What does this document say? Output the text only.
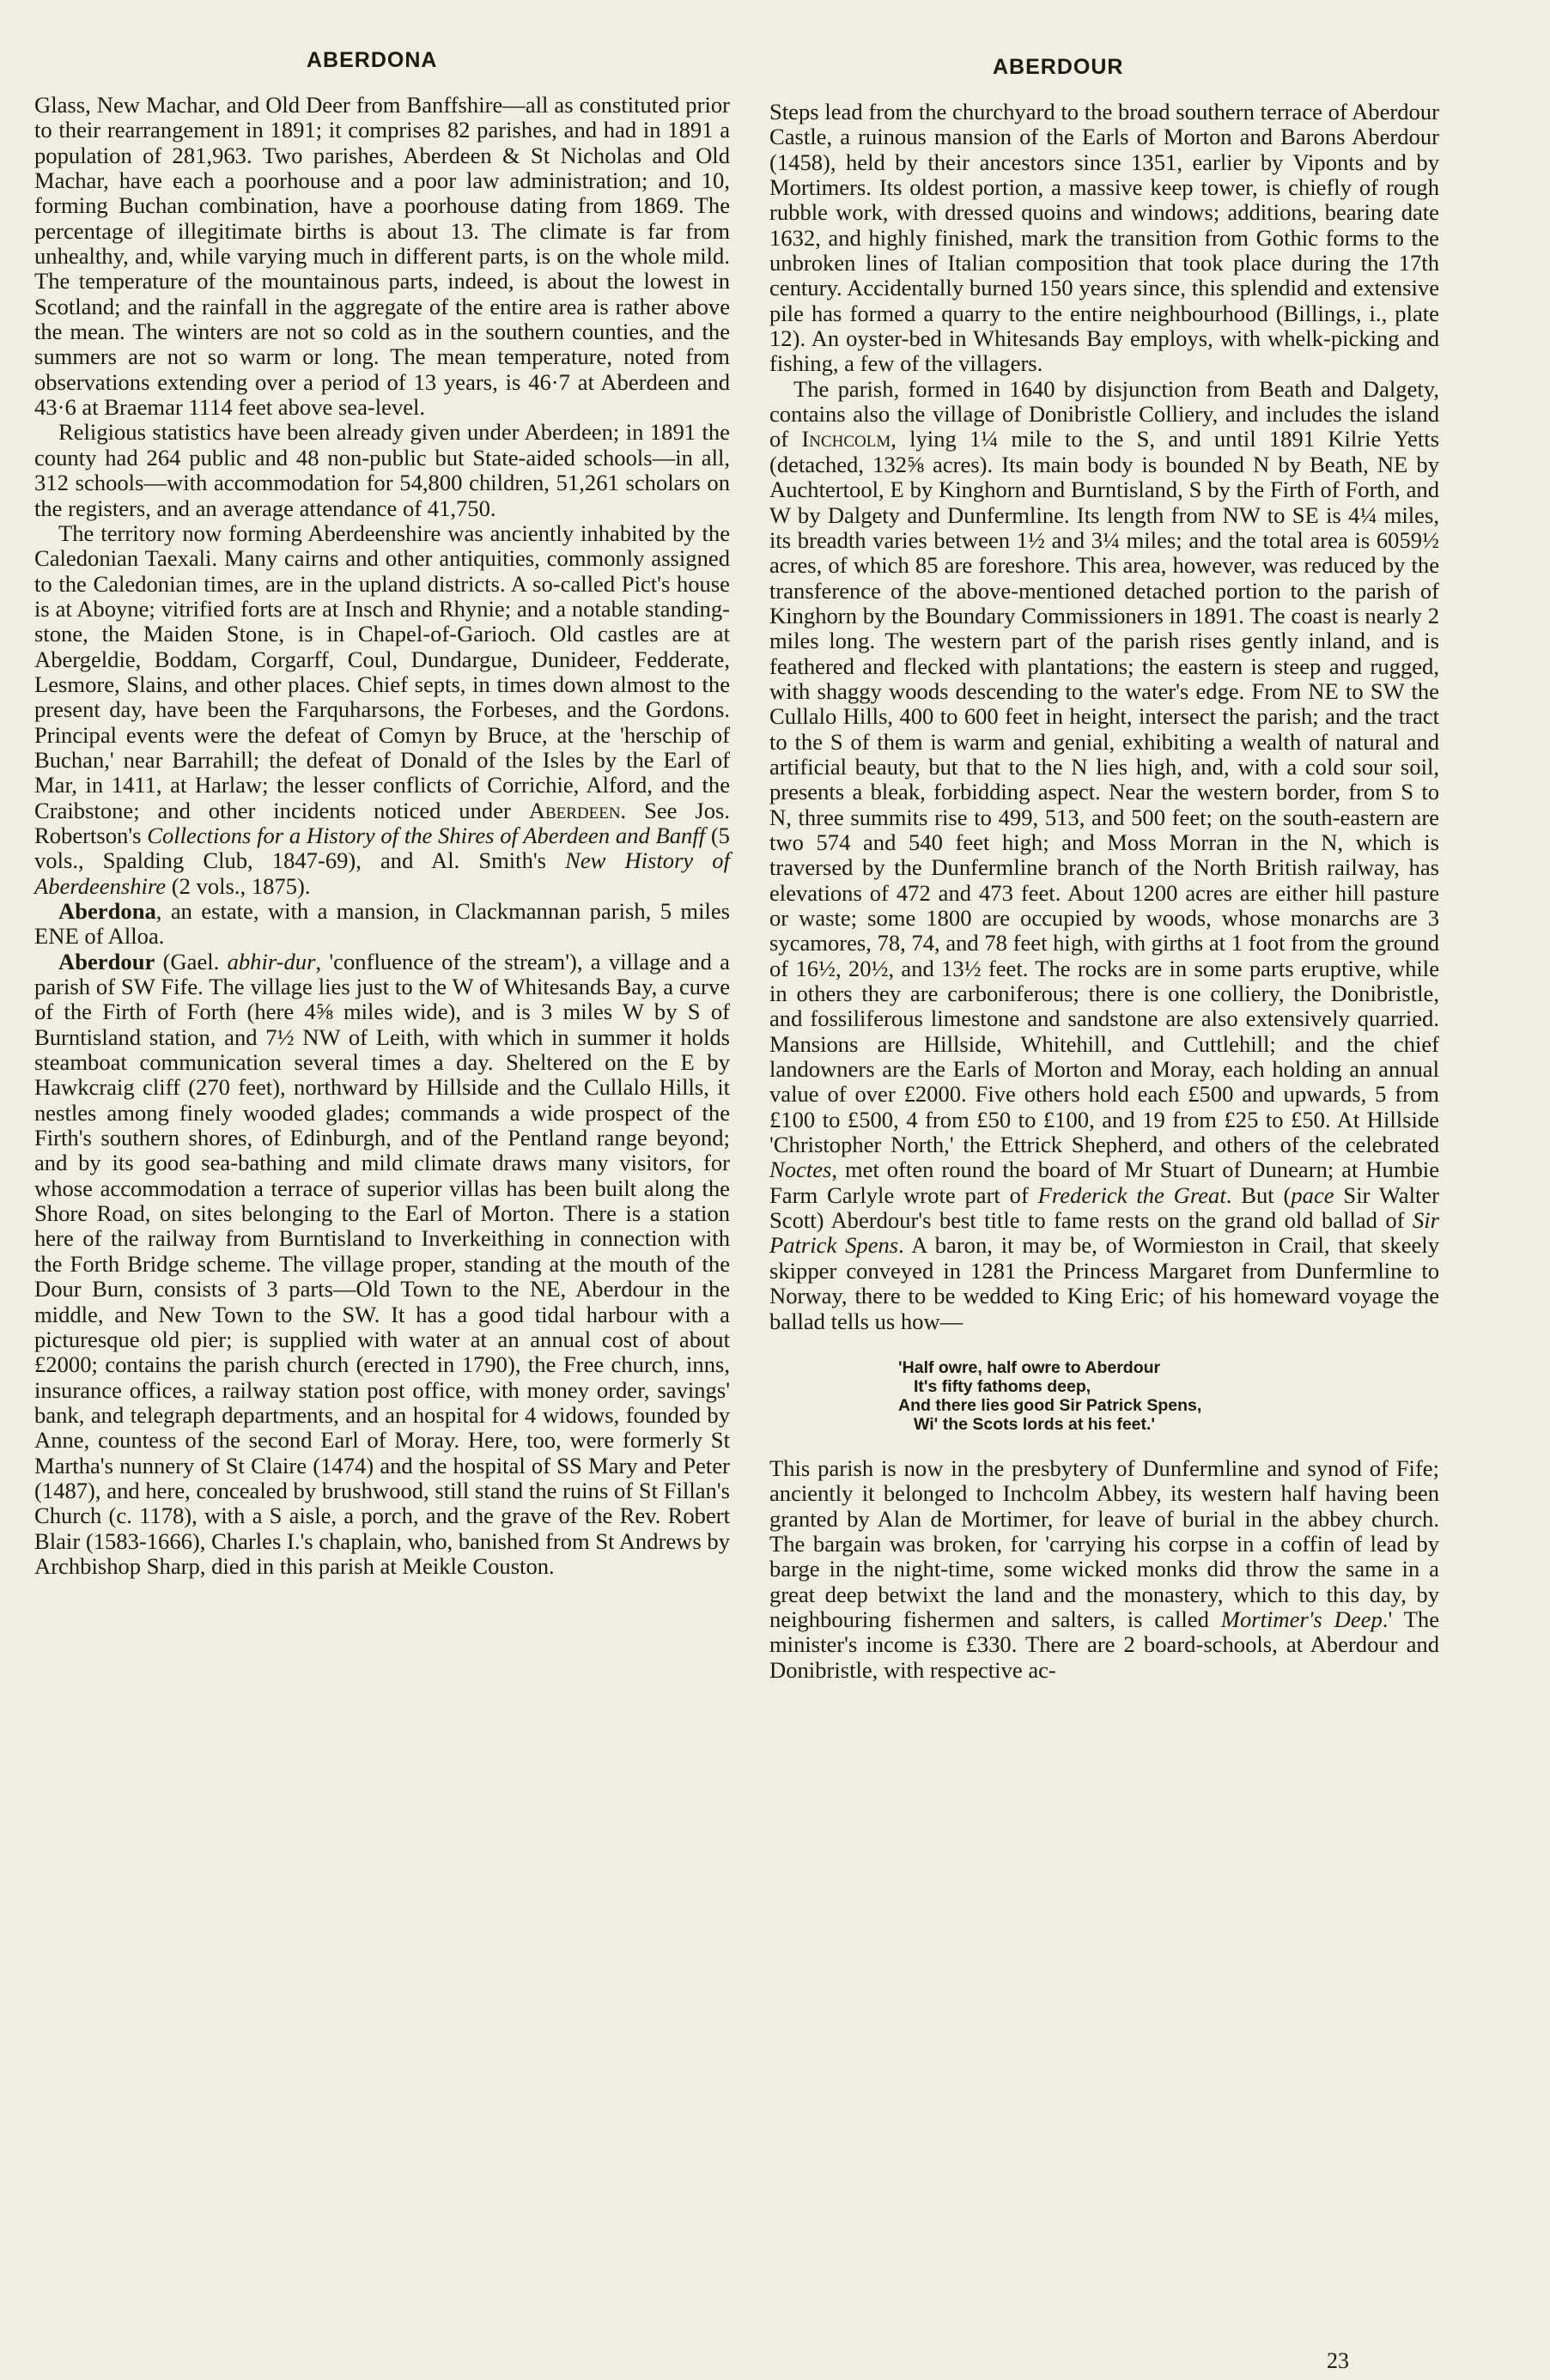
ABERDONA	ABERDOUR

Glass, New Machar, and Old Deer from Banffshire—all as constituted prior to their rearrangement in 1891; it comprises 82 parishes, and had in 1891 a population of 281,963. Two parishes, Aberdeen & St Nicholas and Old Machar, have each a poorhouse and a poor law administration; and 10, forming Buchan combination, have a poorhouse dating from 1869. The percentage of illegitimate births is about 13. The climate is far from unhealthy, and, while varying much in different parts, is on the whole mild. The temperature of the mountainous parts, indeed, is about the lowest in Scotland; and the rainfall in the aggregate of the entire area is rather above the mean. The winters are not so cold as in the southern counties, and the summers are not so warm or long. The mean temperature, noted from observations extending over a period of 13 years, is 46·7 at Aberdeen and 43·6 at Braemar 1114 feet above sea-level.

Religious statistics have been already given under Aberdeen; in 1891 the county had 264 public and 48 non-public but State-aided schools—in all, 312 schools—with accommodation for 54,800 children, 51,261 scholars on the registers, and an average attendance of 41,750.

The territory now forming Aberdeenshire was anciently inhabited by the Caledonian Taexali. Many cairns and other antiquities, commonly assigned to the Caledonian times, are in the upland districts. A so-called Pict's house is at Aboyne; vitrified forts are at Insch and Rhynie; and a notable standing-stone, the Maiden Stone, is in Chapel-of-Garioch. Old castles are at Abergeldie, Boddam, Corgarff, Coul, Dundargue, Dunideer, Fedderate, Lesmore, Slains, and other places. Chief septs, in times down almost to the present day, have been the Farquharsons, the Forbeses, and the Gordons. Principal events were the defeat of Comyn by Bruce, at the 'herschip of Buchan,' near Barrahill; the defeat of Donald of the Isles by the Earl of Mar, in 1411, at Harlaw; the lesser conflicts of Corrichie, Alford, and the Craibstone; and other incidents noticed under Aberdeen. See Jos. Robertson's Collections for a History of the Shires of Aberdeen and Banff (5 vols., Spalding Club, 1847-69), and Al. Smith's New History of Aberdeenshire (2 vols., 1875).

Aberdona, an estate, with a mansion, in Clackmannan parish, 5 miles ENE of Alloa.

Aberdour (Gael. abhir-dur, 'confluence of the stream'), a village and a parish of SW Fife. The village lies just to the W of Whitesands Bay, a curve of the Firth of Forth (here 4⅝ miles wide), and is 3 miles W by S of Burntisland station, and 7½ NW of Leith, with which in summer it holds steamboat communication several times a day. Sheltered on the E by Hawkcraig cliff (270 feet), northward by Hillside and the Cullalo Hills, it nestles among finely wooded glades; commands a wide prospect of the Firth's southern shores, of Edinburgh, and of the Pentland range beyond; and by its good sea-bathing and mild climate draws many visitors, for whose accommodation a terrace of superior villas has been built along the Shore Road, on sites belonging to the Earl of Morton. There is a station here of the railway from Burntisland to Inverkeithing in connection with the Forth Bridge scheme. The village proper, standing at the mouth of the Dour Burn, consists of 3 parts—Old Town to the NE, Aberdour in the middle, and New Town to the SW. It has a good tidal harbour with a picturesque old pier; is supplied with water at an annual cost of about £2000; contains the parish church (erected in 1790), the Free church, inns, insurance offices, a railway station post office, with money order, savings' bank, and telegraph departments, and an hospital for 4 widows, founded by Anne, countess of the second Earl of Moray. Here, too, were formerly St Martha's nunnery of St Claire (1474) and the hospital of SS Mary and Peter (1487), and here, concealed by brushwood, still stand the ruins of St Fillan's Church (c. 1178), with a S aisle, a porch, and the grave of the Rev. Robert Blair (1583-1666), Charles I.'s chaplain, who, banished from St Andrews by Archbishop Sharp, died in this parish at Meikle Couston.

Steps lead from the churchyard to the broad southern terrace of Aberdour Castle, a ruinous mansion of the Earls of Morton and Barons Aberdour (1458), held by their ancestors since 1351, earlier by Viponts and by Mortimers. Its oldest portion, a massive keep tower, is chiefly of rough rubble work, with dressed quoins and windows; additions, bearing date 1632, and highly finished, mark the transition from Gothic forms to the unbroken lines of Italian composition that took place during the 17th century. Accidentally burned 150 years since, this splendid and extensive pile has formed a quarry to the entire neighbourhood (Billings, i., plate 12). An oyster-bed in Whitesands Bay employs, with whelk-picking and fishing, a few of the villagers.

The parish, formed in 1640 by disjunction from Beath and Dalgety, contains also the village of Donibristle Colliery, and includes the island of Inchcolm, lying 1¼ mile to the S, and until 1891 Kilrie Yetts (detached, 132⅝ acres). Its main body is bounded N by Beath, NE by Auchtertool, E by Kinghorn and Burntisland, S by the Firth of Forth, and W by Dalgety and Dunfermline. Its length from NW to SE is 4¼ miles, its breadth varies between 1½ and 3¼ miles; and the total area is 6059½ acres, of which 85 are foreshore. This area, however, was reduced by the transference of the above-mentioned detached portion to the parish of Kinghorn by the Boundary Commissioners in 1891. The coast is nearly 2 miles long. The western part of the parish rises gently inland, and is feathered and flecked with plantations; the eastern is steep and rugged, with shaggy woods descending to the water's edge. From NE to SW the Cullalo Hills, 400 to 600 feet in height, intersect the parish; and the tract to the S of them is warm and genial, exhibiting a wealth of natural and artificial beauty, but that to the N lies high, and, with a cold sour soil, presents a bleak, forbidding aspect. Near the western border, from S to N, three summits rise to 499, 513, and 500 feet; on the south-eastern are two 574 and 540 feet high; and Moss Morran in the N, which is traversed by the Dunfermline branch of the North British railway, has elevations of 472 and 473 feet. About 1200 acres are either hill pasture or waste; some 1800 are occupied by woods, whose monarchs are 3 sycamores, 78, 74, and 78 feet high, with girths at 1 foot from the ground of 16½, 20½, and 13½ feet. The rocks are in some parts eruptive, while in others they are carboniferous; there is one colliery, the Donibristle, and fossiliferous limestone and sandstone are also extensively quarried. Mansions are Hillside, Whitehill, and Cuttlehill; and the chief landowners are the Earls of Morton and Moray, each holding an annual value of over £2000. Five others hold each £500 and upwards, 5 from £100 to £500, 4 from £50 to £100, and 19 from £25 to £50. At Hillside 'Christopher North,' the Ettrick Shepherd, and others of the celebrated Noctes, met often round the board of Mr Stuart of Dunearn; at Humbie Farm Carlyle wrote part of Frederick the Great. But (pace Sir Walter Scott) Aberdour's best title to fame rests on the grand old ballad of Sir Patrick Spens. A baron, it may be, of Wormieston in Crail, that skeely skipper conveyed in 1281 the Princess Margaret from Dunfermline to Norway, there to be wedded to King Eric; of his homeward voyage the ballad tells us how—

'Half owre, half owre to Aberdour
It's fifty fathoms deep,
And there lies good Sir Patrick Spens,
Wi' the Scots lords at his feet.'

This parish is now in the presbytery of Dunfermline and synod of Fife; anciently it belonged to Inchcolm Abbey, its western half having been granted by Alan de Mortimer, for leave of burial in the abbey church. The bargain was broken, for 'carrying his corpse in a coffin of lead by barge in the night-time, some wicked monks did throw the same in a great deep betwixt the land and the monastery, which to this day, by neighbouring fishermen and salters, is called Mortimer's Deep.' The minister's income is £330. There are 2 board-schools, at Aberdour and Donibristle, with respective ac-

23
